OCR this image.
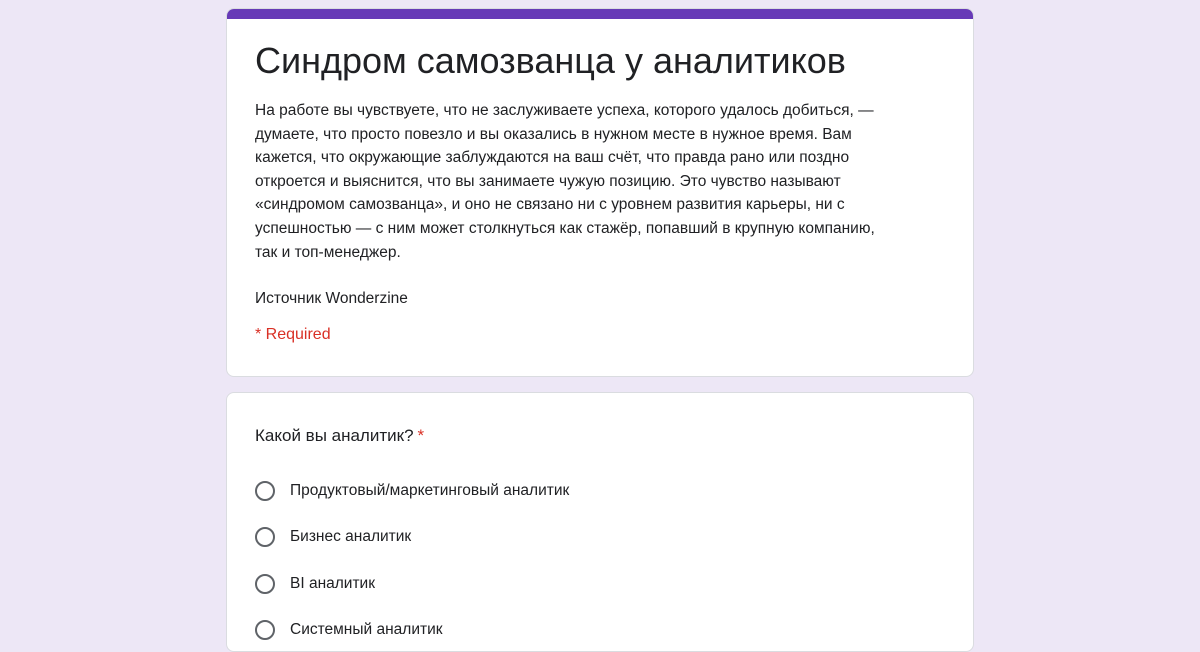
Синдром самозванца у аналитиков
На работе вы чувствуете, что не заслуживаете успеха, которого удалось добиться, —
думаете, что просто повезло и вы оказались в нужном месте в нужное время. Вам
кажется, что окружающие заблуждаются на ваш счёт, что правда рано или поздно
откроется и выяснится, что вы занимаете чужую позицию. Это чувство называют
«синдромом самозванца», и оно не связано ни с уровнем развития карьеры, ни с
успешностью — с ним может столкнуться как стажёр, попавший в крупную компанию,
так и топ-менеджер.
Источник Wonderzine
* Required
Какой вы аналитик? *
Продуктовый/маркетинговый аналитик
Бизнес аналитик
BI аналитик
Системный аналитик
